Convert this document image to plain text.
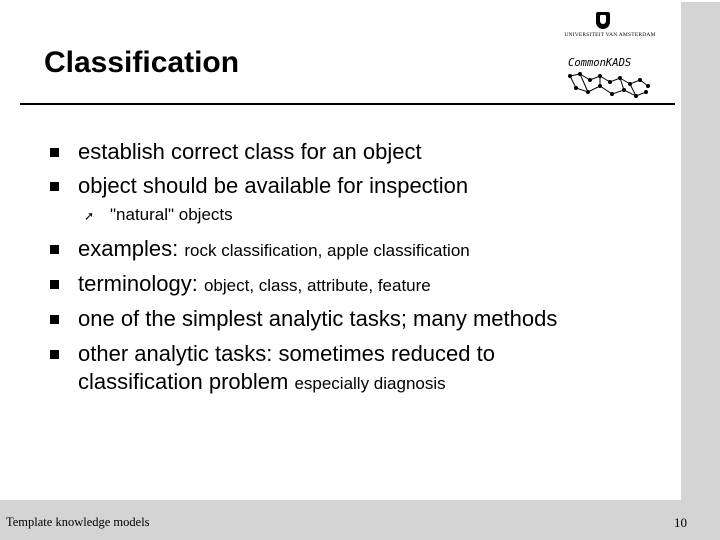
Classification
UNIVERSITEIT VAN AMSTERDAM
CommonKADS
establish correct class for an object
object should be available for inspection
examples: rock classification, apple classification
terminology: object, class, attribute, feature
one of the simplest analytic tasks; many methods
other analytic tasks: sometimes reduced to
classification problem especially diagnosis
➚ "natural" objects
Template knowledge models	10
